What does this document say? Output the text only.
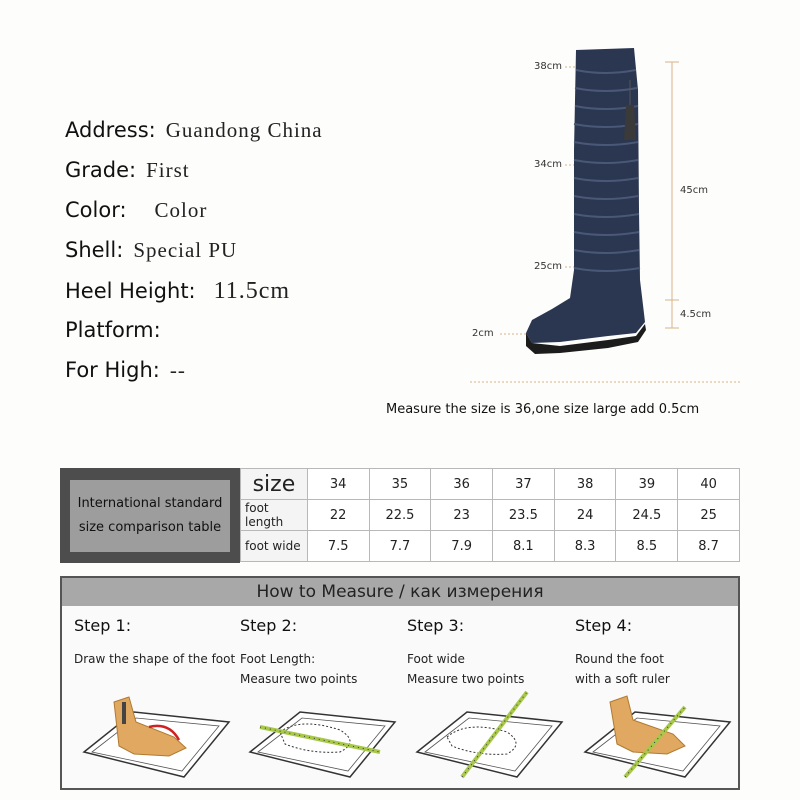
Address: Guandong China
Grade: First
Color: Color
Shell: Special PU
Heel Height: 11.5cm
Platform:
For High: --
38cm
34cm
25cm
2cm
45cm
4.5cm
Measure the size is 36,one size large add 0.5cm
International standard
size comparison table
size	34	35	36	37	38	39	40
foot length	22	22.5	23	23.5	24	24.5	25
foot wide	7.5	7.7	7.9	8.1	8.3	8.5	8.7
How to Measure / как измерения
Step 1:
Draw the shape of the foot
Step 2:
Foot Length:
Measure two points
Step 3:
Foot wide
Measure two points
Step 4:
Round the foot
with a soft ruler
